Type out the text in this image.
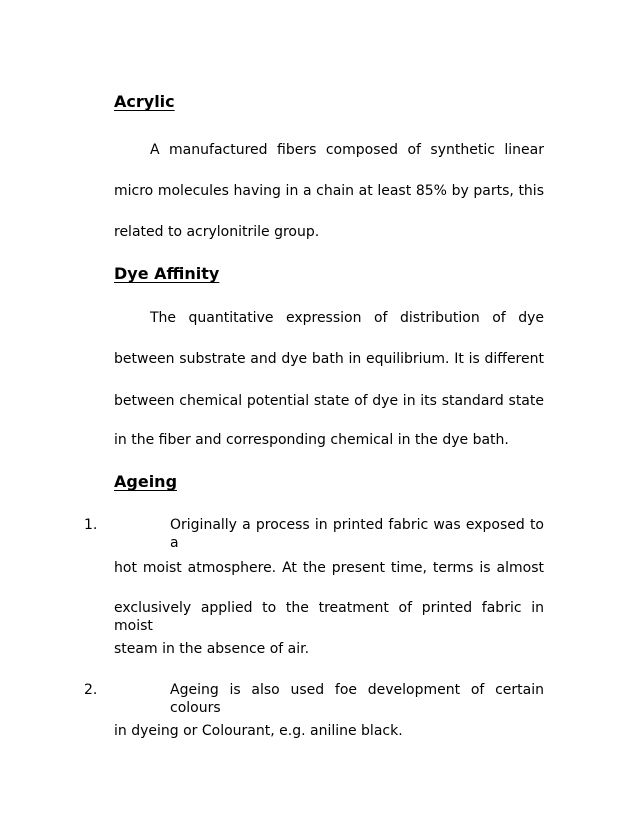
Acrylic
A manufactured fibers composed of synthetic linear
micro molecules having in a chain at least 85% by parts, this
related to acrylonitrile group.
Dye Affinity
The quantitative expression of distribution of dye
between substrate and dye bath in equilibrium. It is different
between chemical potential state of dye in its standard state
in the fiber and corresponding chemical in the dye bath.
Ageing
1.	Originally a process in printed fabric was exposed to a
hot moist atmosphere. At the present time, terms is almost
exclusively applied to the treatment of printed fabric in moist
steam in the absence of air.
2.	Ageing is also used foe development of certain colours
in dyeing or Colourant, e.g. aniline black.
